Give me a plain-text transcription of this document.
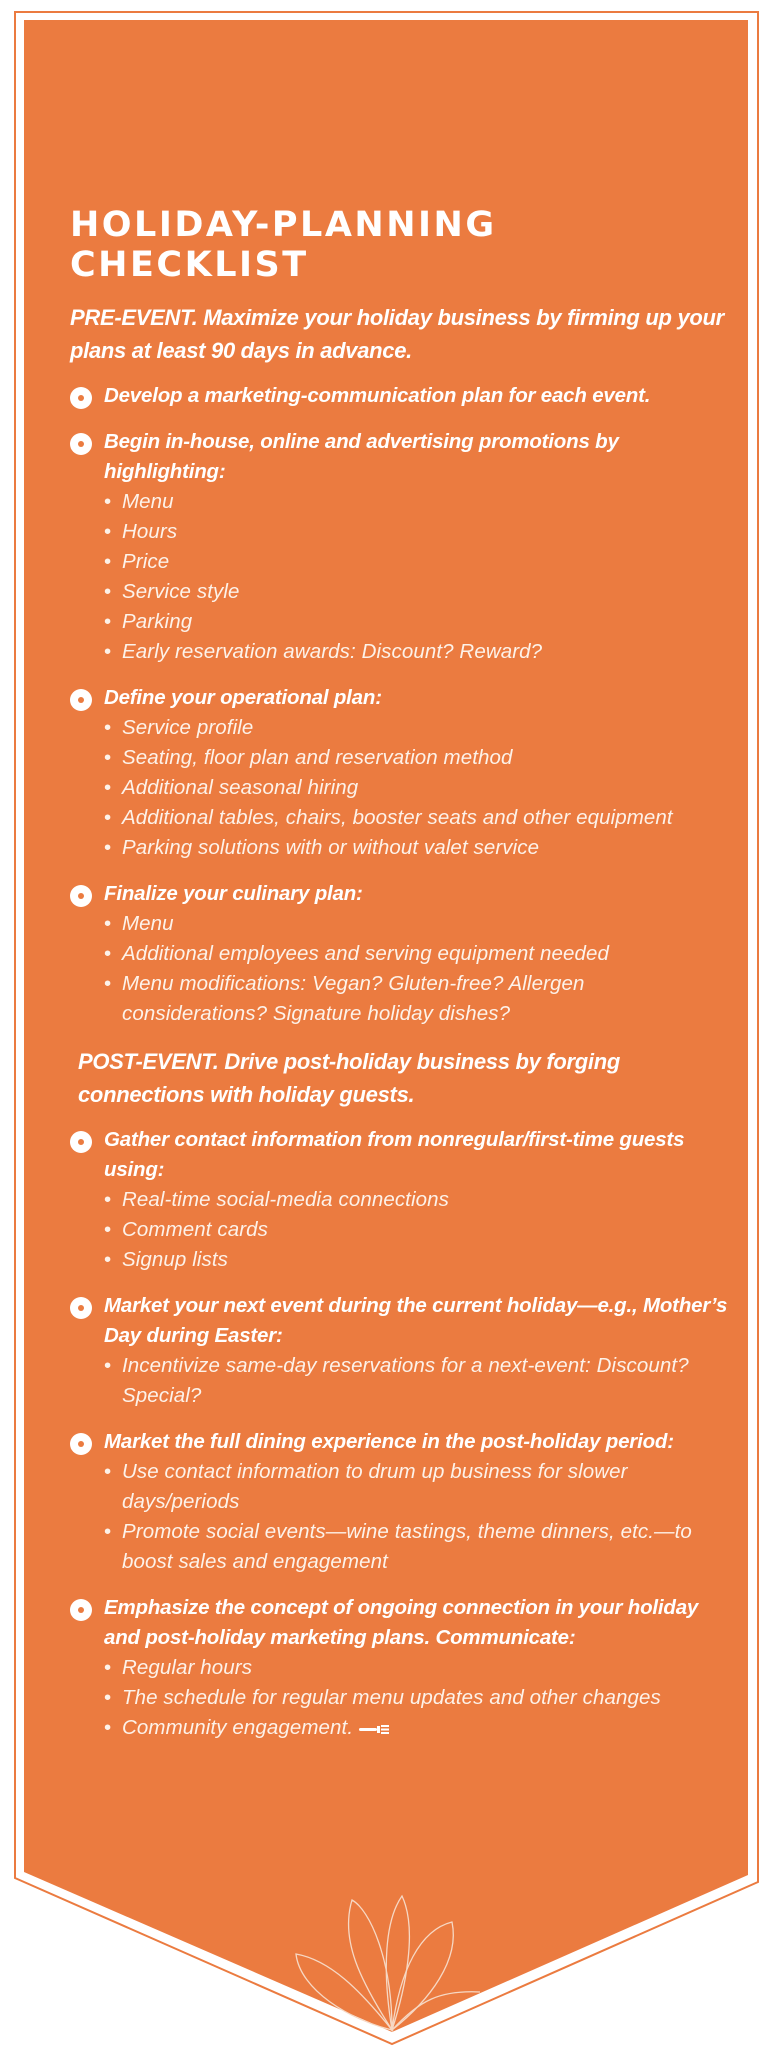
HOLIDAY-PLANNING CHECKLIST

PRE-EVENT. Maximize your holiday business by firming up your plans at least 90 days in advance.

Develop a marketing-communication plan for each event.
Begin in-house, online and advertising promotions by highlighting:
• Menu
• Hours
• Price
• Service style
• Parking
• Early reservation awards: Discount? Reward?
Define your operational plan:
• Service profile
• Seating, floor plan and reservation method
• Additional seasonal hiring
• Additional tables, chairs, booster seats and other equipment
• Parking solutions with or without valet service
Finalize your culinary plan:
• Menu
• Additional employees and serving equipment needed
• Menu modifications: Vegan? Gluten-free? Allergen considerations? Signature holiday dishes?

POST-EVENT. Drive post-holiday business by forging connections with holiday guests.

Gather contact information from nonregular/first-time guests using:
• Real-time social-media connections
• Comment cards
• Signup lists
Market your next event during the current holiday—e.g., Mother’s Day during Easter:
• Incentivize same-day reservations for a next-event: Discount? Special?
Market the full dining experience in the post-holiday period:
• Use contact information to drum up business for slower days/periods
• Promote social events—wine tastings, theme dinners, etc.—to boost sales and engagement
Emphasize the concept of ongoing connection in your holiday and post-holiday marketing plans. Communicate:
• Regular hours
• The schedule for regular menu updates and other changes
• Community engagement.
